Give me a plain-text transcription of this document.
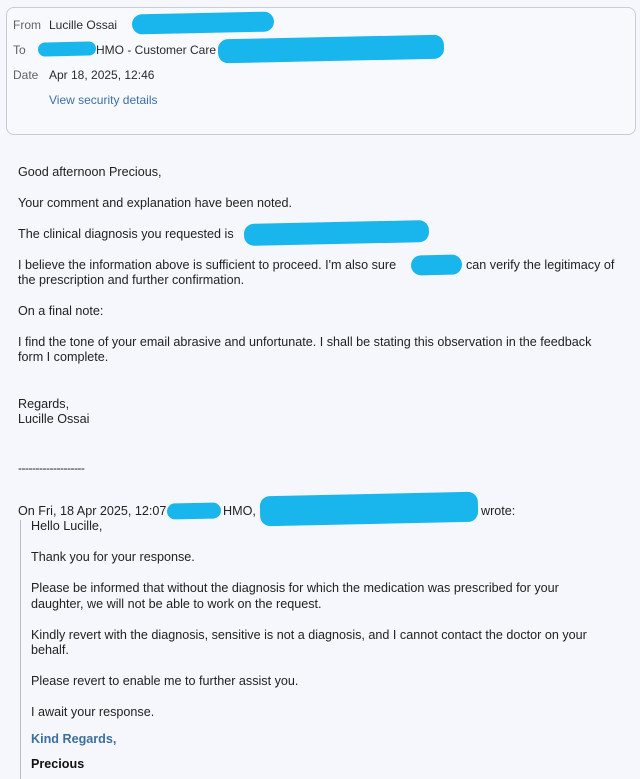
From Lucille Ossai
To	HMO - Customer Care
Date Apr 18, 2025, 12:46
View security details
Good afternoon Precious,
Your comment and explanation have been noted.
The clinical diagnosis you requested is
I believe the information above is sufficient to proceed. I'm also sure	can verify the legitimacy of
the prescription and further confirmation.
On a final note:
I find the tone of your email abrasive and unfortunate. I shall be stating this observation in the feedback
form I complete.
Regards,
Lucille Ossai
-------------------
On Fri, 18 Apr 2025, 12:07	HMO,	wrote:
Hello Lucille,
Thank you for your response.
Please be informed that without the diagnosis for which the medication was prescribed for your
daughter, we will not be able to work on the request.
Kindly revert with the diagnosis, sensitive is not a diagnosis, and I cannot contact the doctor on your
behalf.
Please revert to enable me to further assist you.
I await your response.
Kind Regards,
Precious
